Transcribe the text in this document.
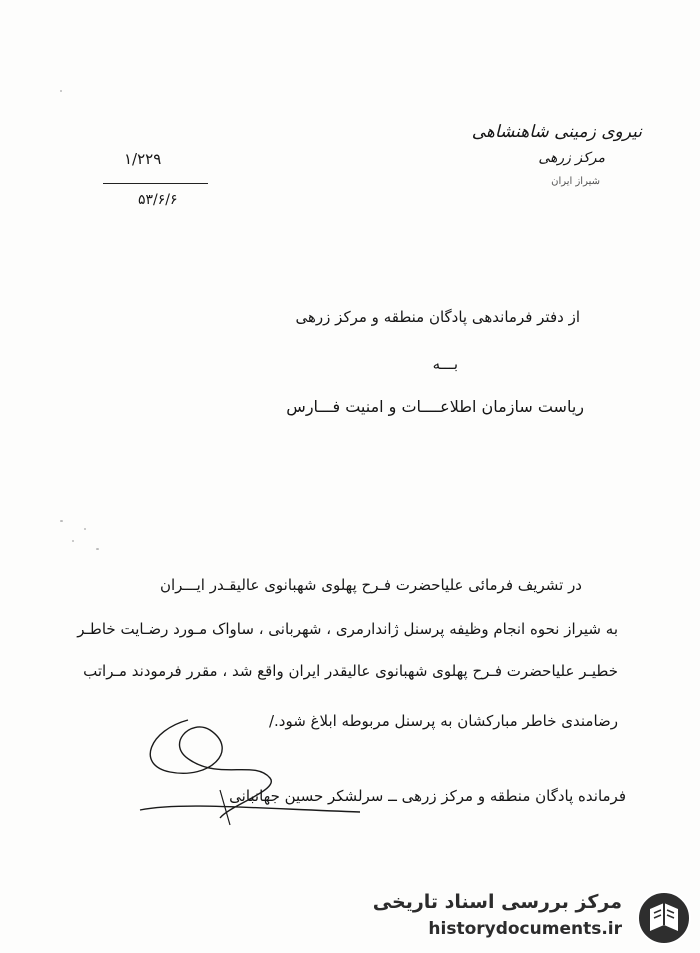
نیروی زمینی شاهنشاهی
مرکز زرهی
شیراز ایران
۱/۲۲۹
۵۳/۶/۶
از دفتر فرماندهی پادگان منطقه و مرکز زرهی
بـــه
ریاست سازمان اطلاعــــات و امنیت فـــارس
در تشریف فرمائی علیاحضرت فـرح پهلوی شهبانوی عالیقـدر ایـــران
به شیراز نحوه انجام وظیفه پرسنل ژاندارمری ، شهربانی ، ساواک مـورد رضـایت خاطـر
خطیـر علیاحضرت فـرح پهلوی شهبانوی عالیقدر ایران واقع شد ، مقرر فرمودند مـراتب
رضامندی خاطر مبارکشان به پرسنل مربوطه ابلاغ شود./
فرمانده پادگان منطقه و مرکز زرهی ــ سرلشکر حسین جهانبانی
مرکز بررسی اسناد تاریخی
historydocuments.ir
